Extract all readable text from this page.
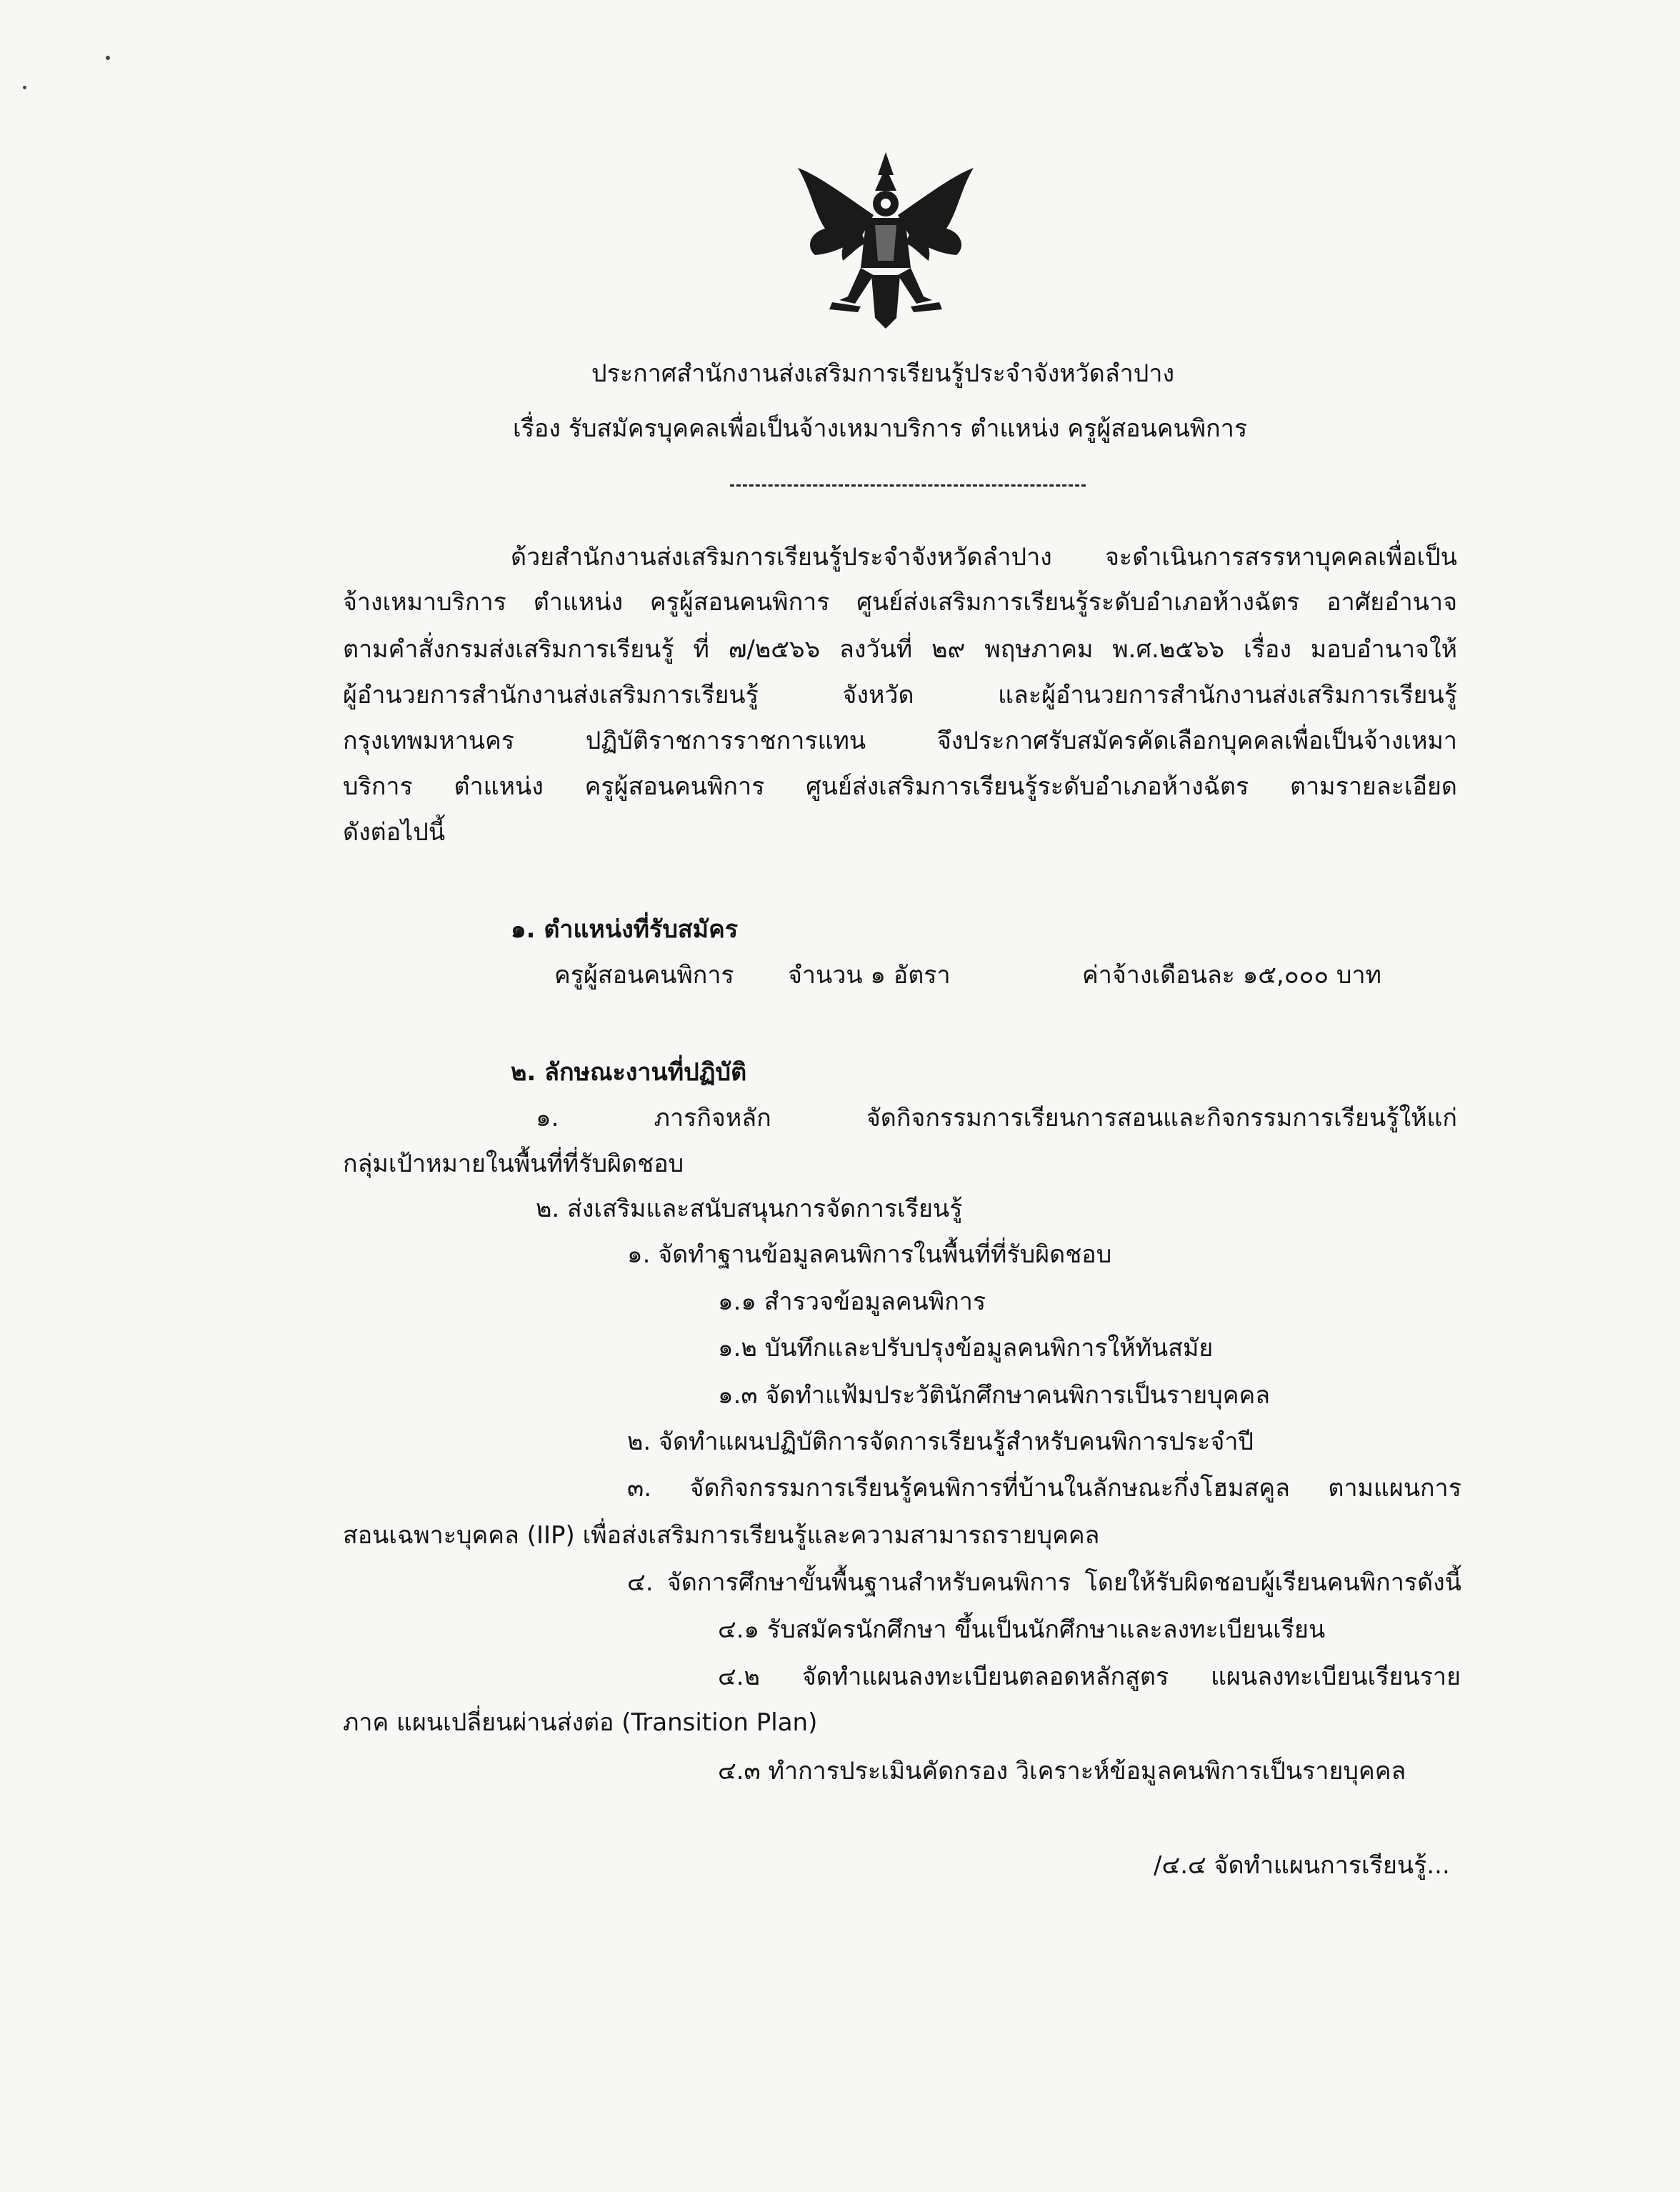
ประกาศสำนักงานส่งเสริมการเรียนรู้ประจำจังหวัดลำปาง
เรื่อง รับสมัครบุคคลเพื่อเป็นจ้างเหมาบริการ ตำแหน่ง ครูผู้สอนคนพิการ
ด้วยสำนักงานส่งเสริมการเรียนรู้ประจำจังหวัดลำปาง จะดำเนินการสรรหาบุคคลเพื่อเป็น
จ้างเหมาบริการ ตำแหน่ง ครูผู้สอนคนพิการ ศูนย์ส่งเสริมการเรียนรู้ระดับอำเภอห้างฉัตร อาศัยอำนาจ
ตามคำสั่งกรมส่งเสริมการเรียนรู้ ที่ ๗/๒๕๖๖ ลงวันที่ ๒๙ พฤษภาคม พ.ศ.๒๕๖๖ เรื่อง มอบอำนาจให้
ผู้อำนวยการสำนักงานส่งเสริมการเรียนรู้ จังหวัด และผู้อำนวยการสำนักงานส่งเสริมการเรียนรู้
กรุงเทพมหานคร ปฏิบัติราชการราชการแทน จึงประกาศรับสมัครคัดเลือกบุคคลเพื่อเป็นจ้างเหมา
บริการ ตำแหน่ง ครูผู้สอนคนพิการ ศูนย์ส่งเสริมการเรียนรู้ระดับอำเภอห้างฉัตร ตามรายละเอียด
ดังต่อไปนี้
๑. ตำแหน่งที่รับสมัคร
ครูผู้สอนคนพิการ จำนวน ๑ อัตรา	ค่าจ้างเดือนละ ๑๕,๐๐๐ บาท
๒. ลักษณะงานที่ปฏิบัติ
๑. ภารกิจหลัก จัดกิจกรรมการเรียนการสอนและกิจกรรมการเรียนรู้ให้แก่
กลุ่มเป้าหมายในพื้นที่ที่รับผิดชอบ
๒. ส่งเสริมและสนับสนุนการจัดการเรียนรู้
๑. จัดทำฐานข้อมูลคนพิการในพื้นที่ที่รับผิดชอบ
๑.๑ สำรวจข้อมูลคนพิการ
๑.๒ บันทึกและปรับปรุงข้อมูลคนพิการให้ทันสมัย
๑.๓ จัดทำแฟ้มประวัตินักศึกษาคนพิการเป็นรายบุคคล
๒. จัดทำแผนปฏิบัติการจัดการเรียนรู้สำหรับคนพิการประจำปี
๓. จัดกิจกรรมการเรียนรู้คนพิการที่บ้านในลักษณะกึ่งโฮมสคูล ตามแผนการ
สอนเฉพาะบุคคล (IIP) เพื่อส่งเสริมการเรียนรู้และความสามารถรายบุคคล
๔. จัดการศึกษาขั้นพื้นฐานสำหรับคนพิการ โดยให้รับผิดชอบผู้เรียนคนพิการดังนี้
๔.๑ รับสมัครนักศึกษา ขึ้นเป็นนักศึกษาและลงทะเบียนเรียน
๔.๒ จัดทำแผนลงทะเบียนตลอดหลักสูตร แผนลงทะเบียนเรียนราย
ภาค แผนเปลี่ยนผ่านส่งต่อ (Transition Plan)
๔.๓ ทำการประเมินคัดกรอง วิเคราะห์ข้อมูลคนพิการเป็นรายบุคคล
/๔.๔ จัดทำแผนการเรียนรู้...
